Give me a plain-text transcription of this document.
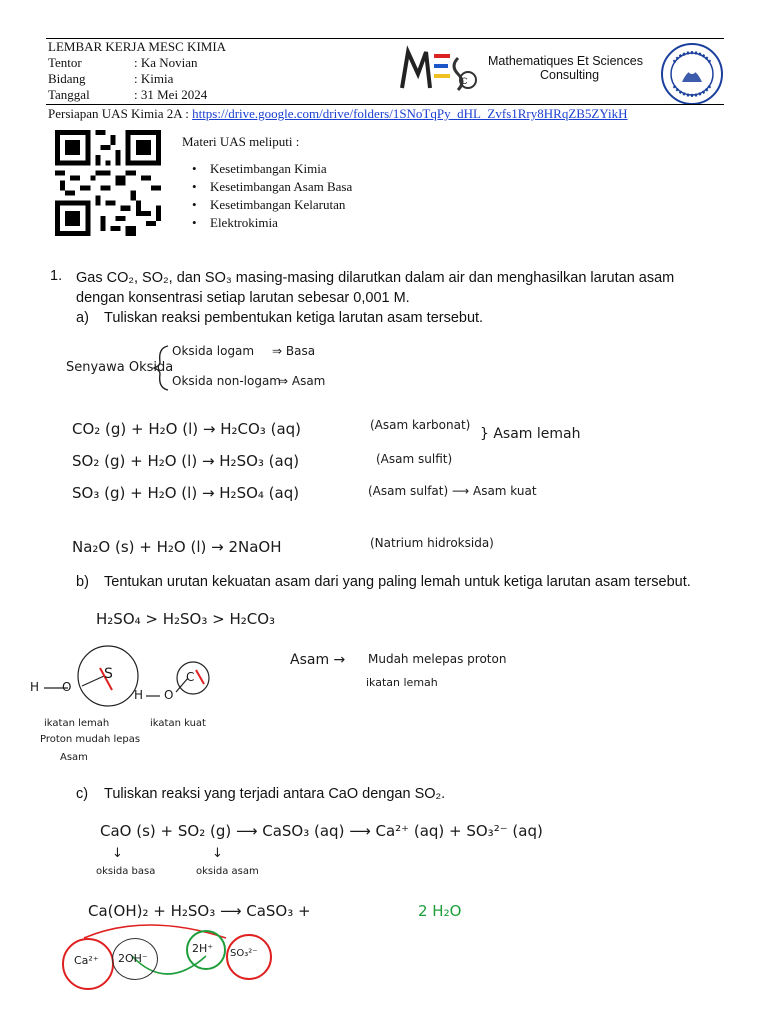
LEMBAR KERJA MESC KIMIA
Tentor	: Ka Novian
Bidang	: Kimia
Tanggal	: 31 Mei 2024
C
Mathematiques Et Sciences
Consulting
Persiapan UAS Kimia 2A : https://drive.google.com/drive/folders/1SNoTqPy_dHL_Zvfs1Rry8HRqZB5ZYikH
Materi UAS meliputi :
• Kesetimbangan Kimia
• Kesetimbangan Asam Basa
• Kesetimbangan Kelarutan
• Elektrokimia
1. Gas CO₂, SO₂, dan SO₃ masing-masing dilarutkan dalam air dan menghasilkan larutan asam
dengan konsentrasi setiap larutan sebesar 0,001 M.
a) Tuliskan reaksi pembentukan ketiga larutan asam tersebut.
Senyawa Oksida
Oksida logam ⇒ Basa
Oksida non-logam
⇒ Asam
CO₂ (g) + H₂O (l) → H₂CO₃ (aq)	(Asam karbonat)
SO₂ (g) + H₂O (l) → H₂SO₃ (aq)	(Asam sulfit)
} Asam lemah
SO₃ (g) + H₂O (l) → H₂SO₄ (aq)	(Asam sulfat) ⟶ Asam kuat
Na₂O (s) + H₂O (l) → 2NaOH	(Natrium hidroksida)
b) Tentukan urutan kekuatan asam dari yang paling lemah untuk ketiga larutan asam tersebut.
H₂SO₄ > H₂SO₃ > H₂CO₃
H O
S
H O
C
ikatan lemah
Proton mudah lepas
Asam
ikatan kuat
Asam → Mudah melepas proton
ikatan lemah
c) Tuliskan reaksi yang terjadi antara CaO dengan SO₂.
CaO (s) + SO₂ (g) ⟶ CaSO₃ (aq) ⟶ Ca²⁺ (aq) + SO₃²⁻ (aq)
↓	↓
oksida basa	oksida asam
Ca(OH)₂ + H₂SO₃ ⟶ CaSO₃ +	2 H₂O
Ca²⁺ 2OH⁻
2H⁺ SO₃²⁻
